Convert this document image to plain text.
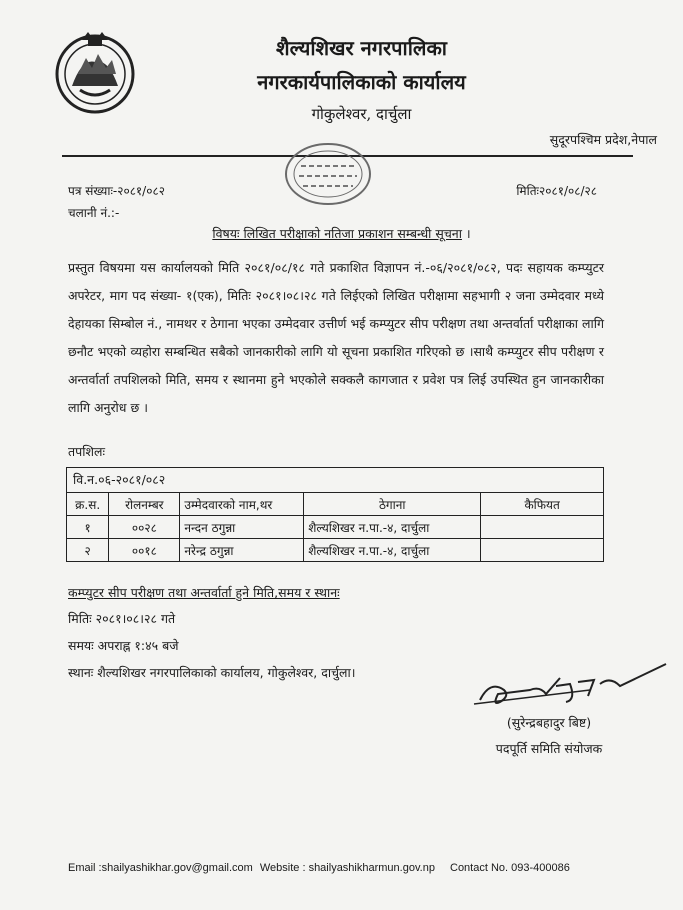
शैल्यशिखर नगरपालिका
नगरकार्यपालिकाको कार्यालय
गोकुलेश्वर, दार्चुला
सुदूरपश्चिम प्रदेश,नेपाल
पत्र संख्याः-२०८१/०८२	मितिः२०८१/०८/२८
चलानी नं.:-
विषयः लिखित परीक्षाको नतिजा प्रकाशन सम्बन्धी सूचना ।
प्रस्तुत विषयमा यस कार्यालयको मिति २०८१/०८/१८ गते प्रकाशित विज्ञापन नं.-०६/२०८१/०८२, पदः सहायक कम्प्युटर अपरेटर, माग पद संख्या- १(एक), मितिः २०८१।०८।२८ गते लिईएको लिखित परीक्षामा सहभागी २ जना उम्मेदवार मध्ये देहायका सिम्बोल नं., नामथर र ठेगाना भएका उम्मेदवार उत्तीर्ण भई कम्प्युटर सीप परीक्षण तथा अन्तर्वार्ता परीक्षाका लागि छनौट भएको व्यहोरा सम्बन्धित सबैको जानकारीको लागि यो सूचना प्रकाशित गरिएको छ ।साथै कम्प्युटर सीप परीक्षण र अन्तर्वार्ता तपशिलको मिति, समय र स्थानमा हुने भएकोले सक्कलै कागजात र प्रवेश पत्र लिई उपस्थित हुन जानकारीका लागि अनुरोध छ ।
तपशिलः
वि.न.०६-२०८१/०८२
क्र.स.	रोलनम्बर	उम्मेदवारको नाम,थर	ठेगाना	कैफियत
१	००२८	नन्दन ठगुन्ना	शैल्यशिखर न.पा.-४, दार्चुला	
२	००१८	नरेन्द्र ठगुन्ना	शैल्यशिखर न.पा.-४, दार्चुला	
कम्प्युटर सीप परीक्षण तथा अन्तर्वार्ता हुने मिति,समय र स्थानः
मितिः २०८१।०८।२८ गते
समयः अपराह्न १:४५ बजे
स्थानः शैल्यशिखर नगरपालिकाको कार्यालय, गोकुलेश्वर, दार्चुला।
(सुरेन्द्रबहादुर बिष्ट)
पदपूर्ति समिति संयोजक
Email :shailyashikhar.gov@gmail.com Website : shailyashikharmun.gov.np Contact No. 093-400086
